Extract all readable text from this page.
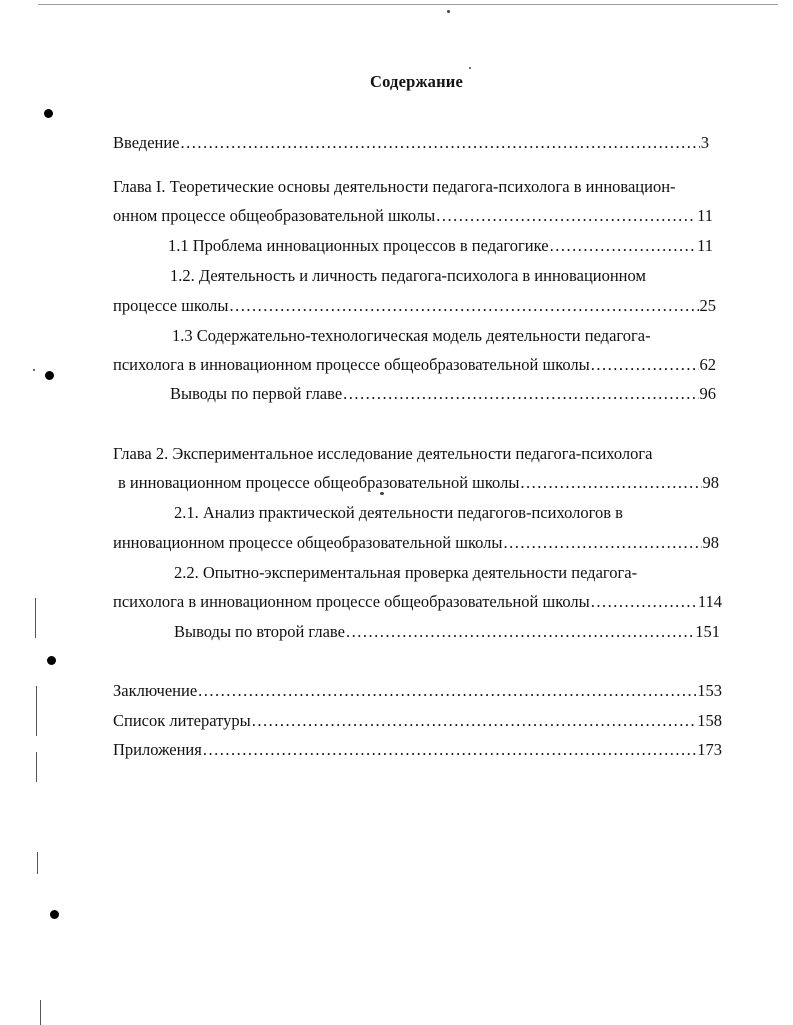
Содержание
Введение .....	3
Глава I. Теоретические основы деятельности педагога-психолога в инновацион-
онном процессе общеобразовательной школы .....	11
1.1 Проблема инновационных процессов в педагогике .....	11
1.2. Деятельность и личность педагога-психолога в инновационном
процессе школы .....	25
1.3 Содержательно-технологическая модель деятельности педагога-
психолога в инновационном процессе общеобразовательной школы .....	62
Выводы по первой главе .....	96
Глава 2. Экспериментальное исследование деятельности педагога-психолога
в инновационном процессе общеобразовательной школы .....	98
2.1. Анализ практической деятельности педагогов-психологов в
инновационном процессе общеобразовательной школы .....	98
2.2. Опытно-экспериментальная проверка деятельности педагога-
психолога в инновационном процессе общеобразовательной школы .....	114
Выводы по второй главе .....	151
Заключение .....	153
Список литературы .....	158
Приложения .....	173
